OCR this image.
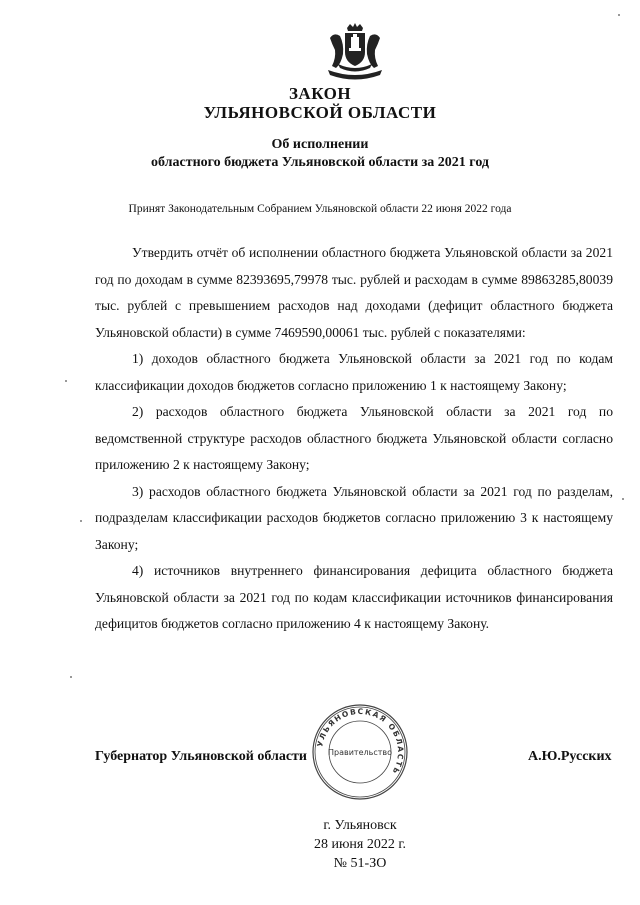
ЗАКОН
УЛЬЯНОВСКОЙ ОБЛАСТИ
Об исполнении
областного бюджета Ульяновской области за 2021 год
Принят Законодательным Собранием Ульяновской области 22 июня 2022 года

Утвердить отчёт об исполнении областного бюджета Ульяновской области за 2021 год по доходам в сумме 82393695,79978 тыс. рублей и расходам в сумме 89863285,80039 тыс. рублей с превышением расходов над доходами (дефицит областного бюджета Ульяновской области) в сумме 7469590,00061 тыс. рублей с показателями:

1) доходов областного бюджета Ульяновской области за 2021 год по кодам классификации доходов бюджетов согласно приложению 1 к настоящему Закону;

2) расходов областного бюджета Ульяновской области за 2021 год по ведомственной структуре расходов областного бюджета Ульяновской области согласно приложению 2 к настоящему Закону;

3) расходов областного бюджета Ульяновской области за 2021 год по разделам, подразделам классификации расходов бюджетов согласно приложению 3 к настоящему Закону;

4) источников внутреннего финансирования дефицита областного бюджета Ульяновской области за 2021 год по кодам классификации источников финансирования дефицитов бюджетов согласно приложению 4 к настоящему Закону.

Губернатор Ульяновской области	А.Ю.Русских
УЛЬЯНОВСКАЯ ОБЛАСТЬ
Правительство
г. Ульяновск
28 июня 2022 г.
№ 51-ЗО
